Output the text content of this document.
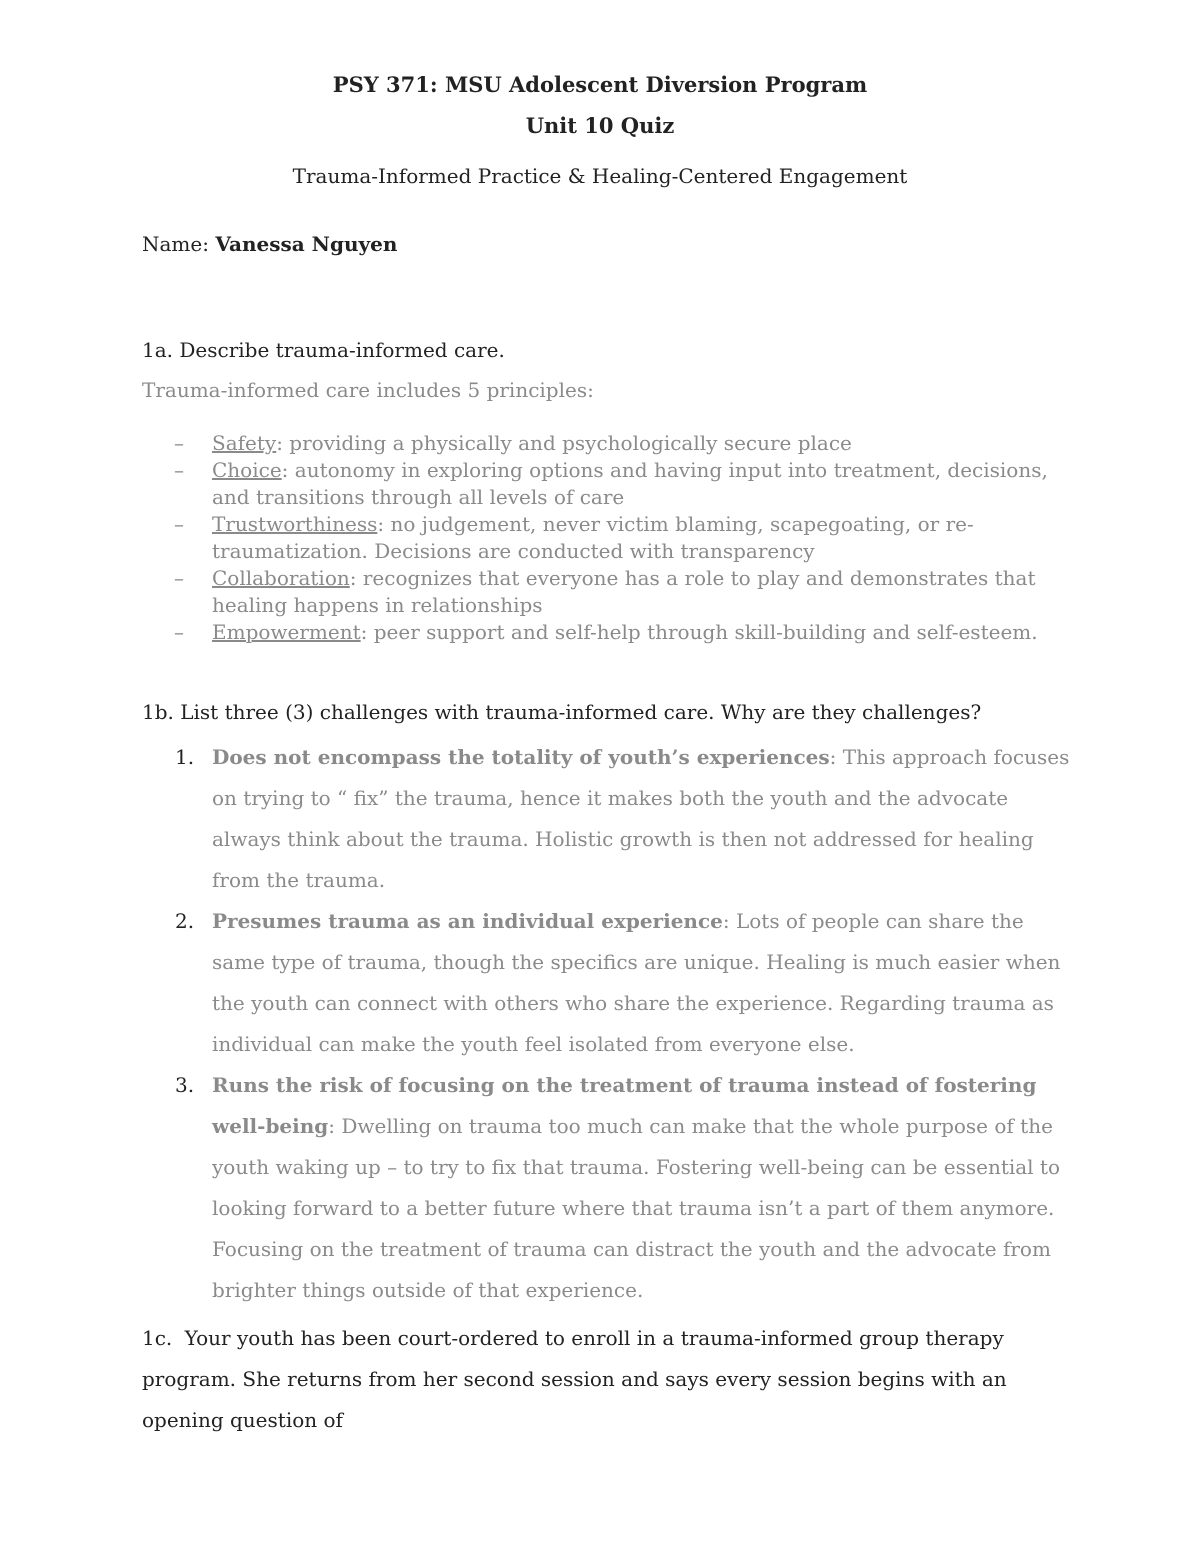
PSY 371: MSU Adolescent Diversion Program
Unit 10 Quiz
Trauma-Informed Practice & Healing-Centered Engagement
Name: Vanessa Nguyen
1a. Describe trauma-informed care.
Trauma-informed care includes 5 principles:
– Safety: providing a physically and psychologically secure place
– Choice: autonomy in exploring options and having input into treatment, decisions, and transitions through all levels of care
– Trustworthiness: no judgement, never victim blaming, scapegoating, or re-traumatization. Decisions are conducted with transparency
– Collaboration: recognizes that everyone has a role to play and demonstrates that healing happens in relationships
– Empowerment: peer support and self-help through skill-building and self-esteem.
1b. List three (3) challenges with trauma-informed care. Why are they challenges?
1. Does not encompass the totality of youth’s experiences: This approach focuses on trying to “ fix” the trauma, hence it makes both the youth and the advocate always think about the trauma. Holistic growth is then not addressed for healing from the trauma.
2. Presumes trauma as an individual experience: Lots of people can share the same type of trauma, though the specifics are unique. Healing is much easier when the youth can connect with others who share the experience. Regarding trauma as individual can make the youth feel isolated from everyone else.
3. Runs the risk of focusing on the treatment of trauma instead of fostering well-being: Dwelling on trauma too much can make that the whole purpose of the youth waking up – to try to fix that trauma. Fostering well-being can be essential to looking forward to a better future where that trauma isn’t a part of them anymore. Focusing on the treatment of trauma can distract the youth and the advocate from brighter things outside of that experience.
1c. Your youth has been court-ordered to enroll in a trauma-informed group therapy program. She returns from her second session and says every session begins with an opening question of
